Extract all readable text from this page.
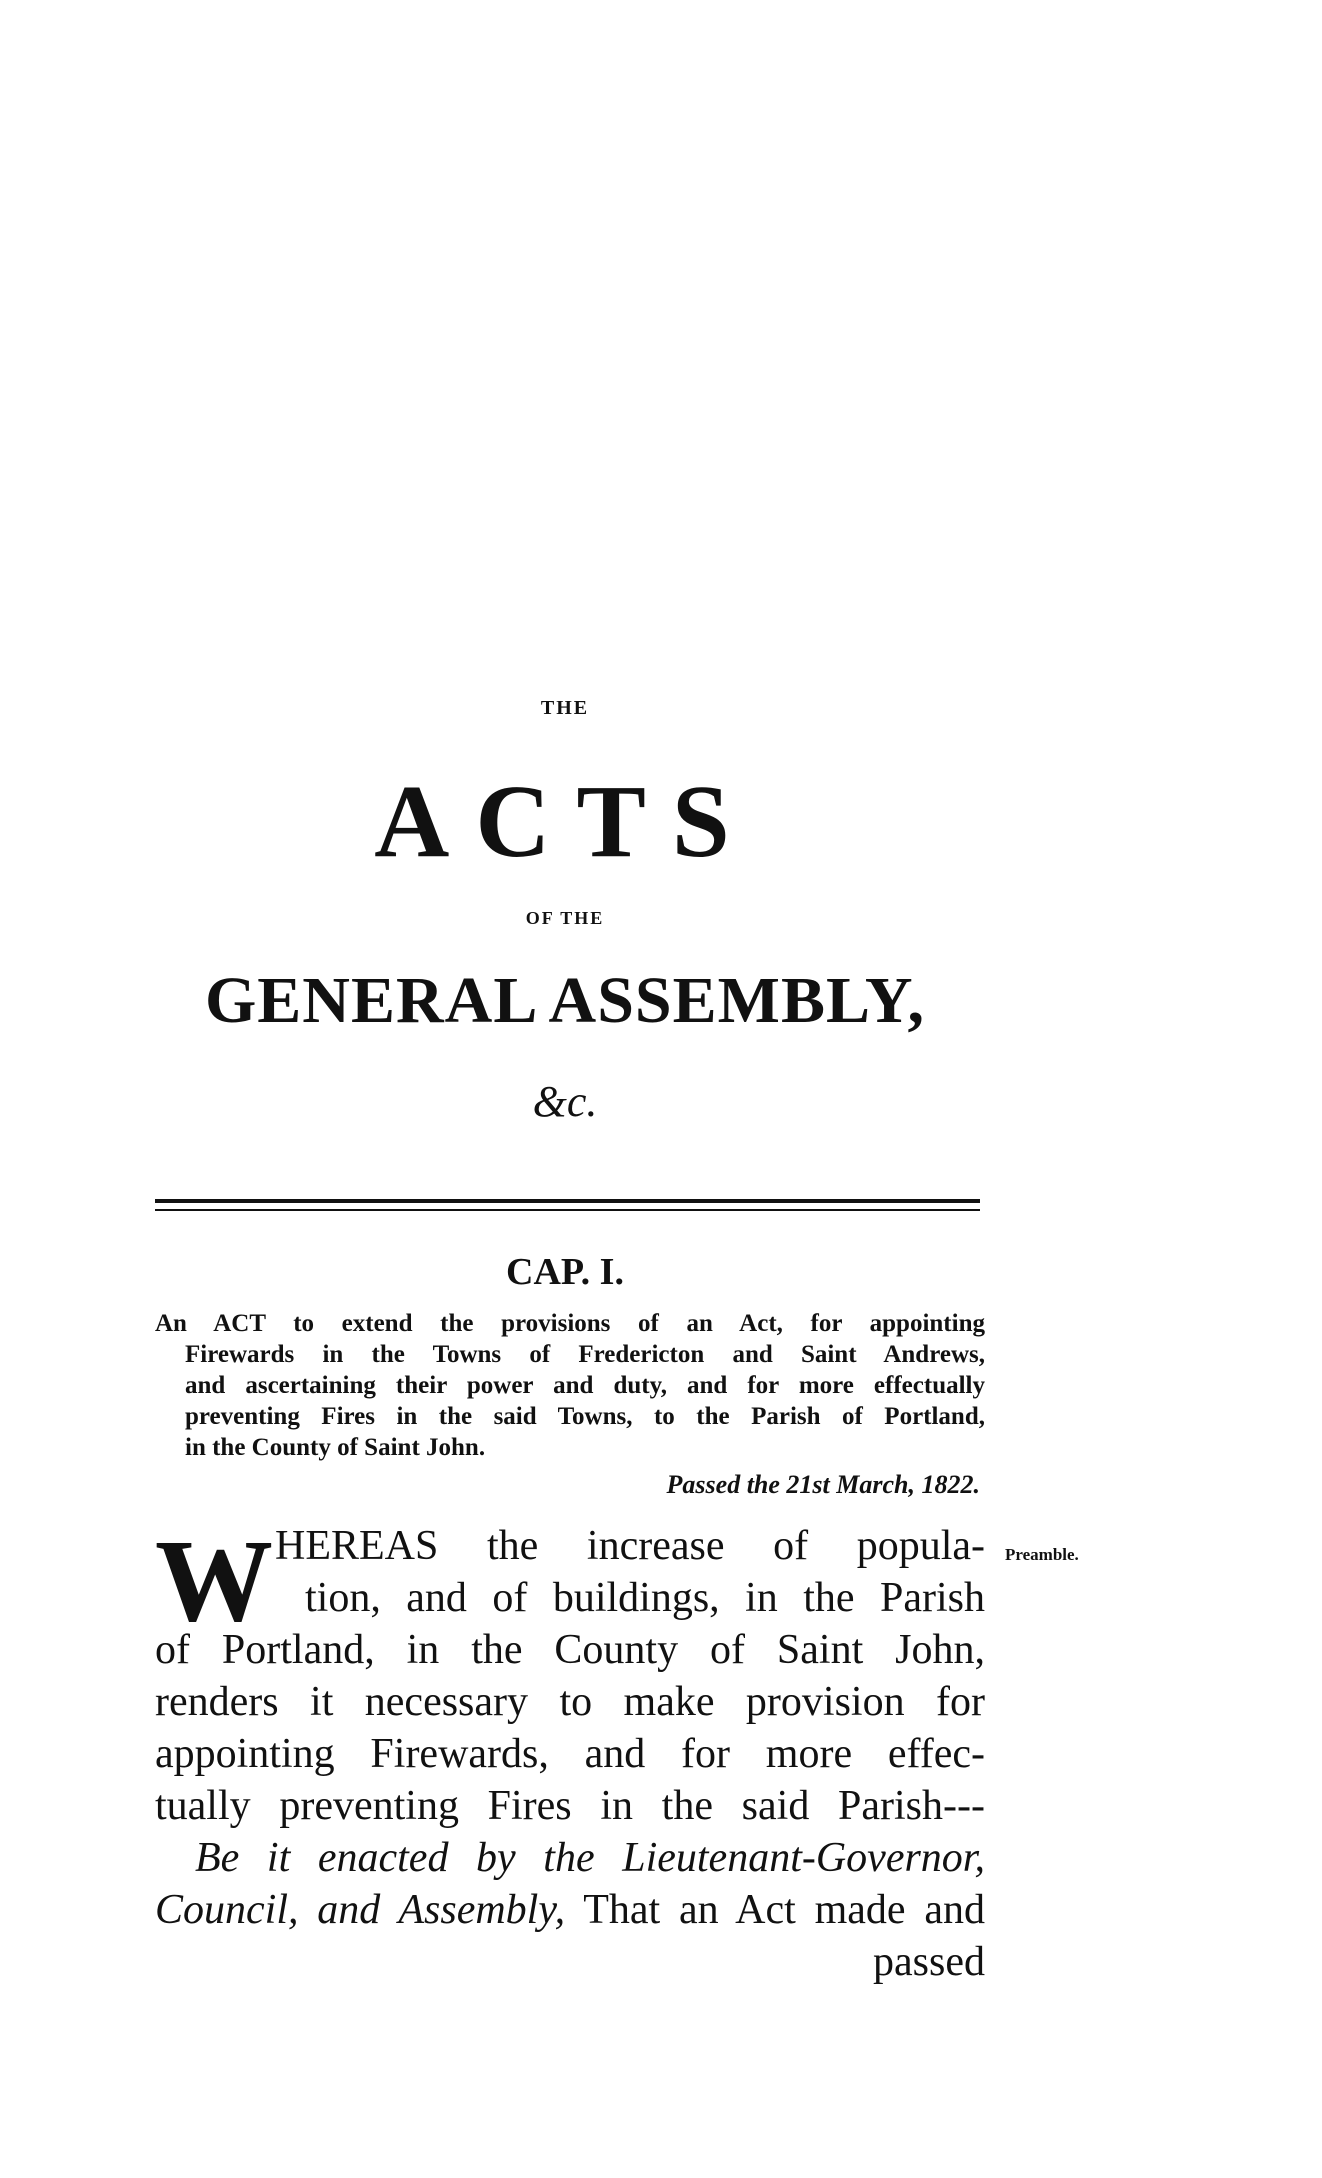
THE
ACTS
OF THE
GENERAL ASSEMBLY,
&c.
CAP. I.
An ACT to extend the provisions of an Act, for appointing
Firewards in the Towns of Fredericton and Saint Andrews,
and ascertaining their power and duty, and for more effectually
preventing Fires in the said Towns, to the Parish of Portland,
in the County of Saint John.
Passed the 21st March, 1822.
W	Preamble.
HEREAS the increase of popula-
tion, and of buildings, in the Parish
of Portland, in the County of Saint John,
renders it necessary to make provision for
appointing Firewards, and for more effec-
tually preventing Fires in the said Parish---
Be it enacted by the Lieutenant-Governor,
Council, and Assembly, That an Act made and
passed
